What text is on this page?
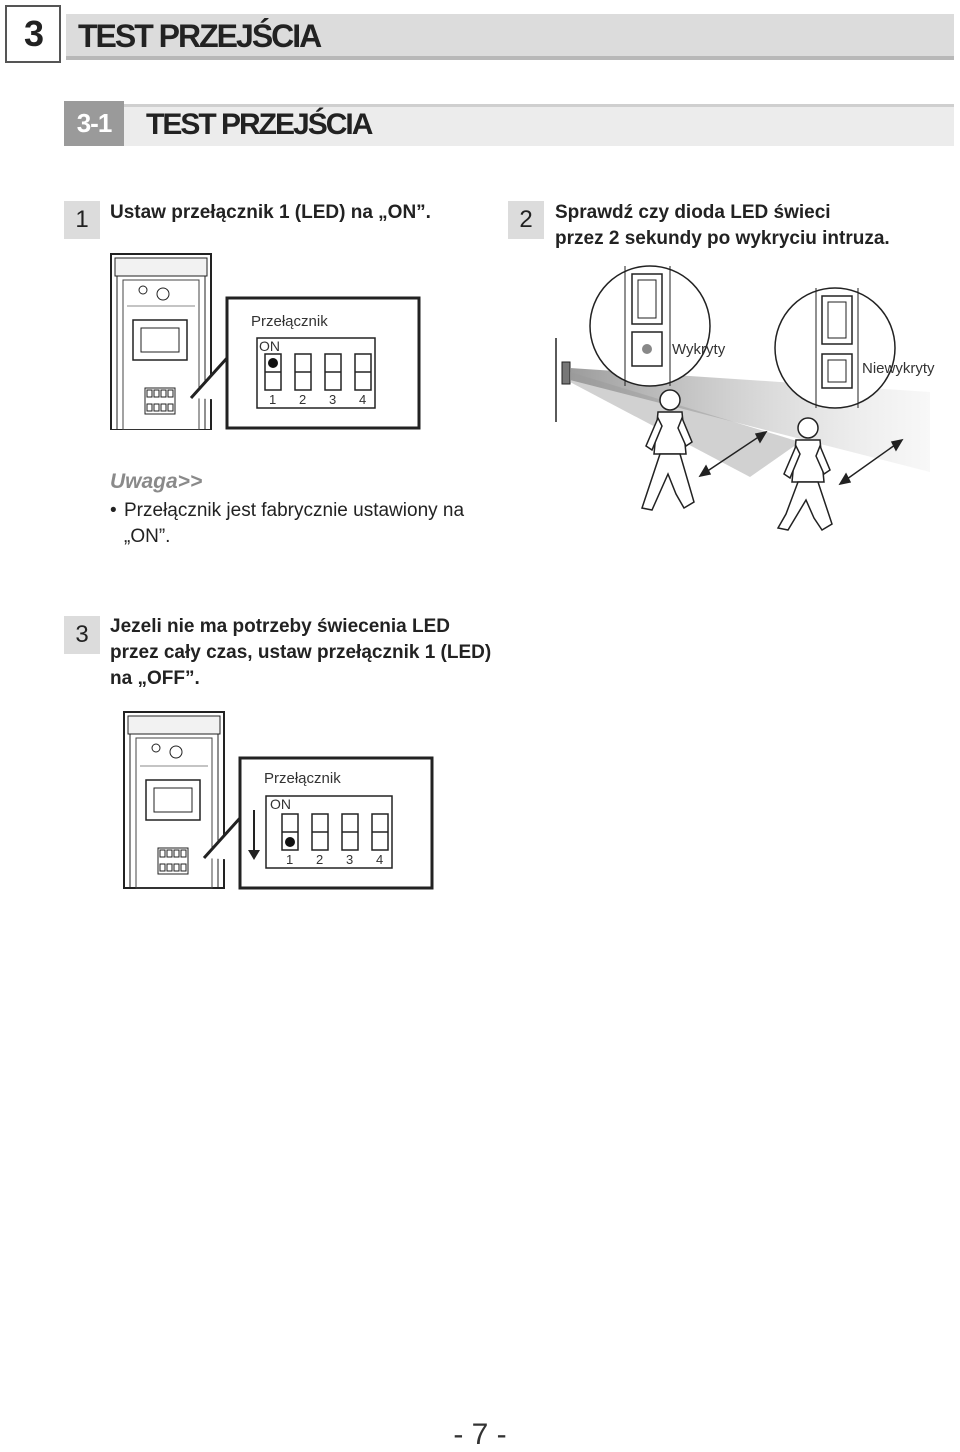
3	TEST PRZEJŚCIA
3-1	TEST PRZEJŚCIA
1	Ustaw przełącznik 1 (LED) na „ON”.	2	Sprawdź czy dioda LED świeci
przez 2 sekundy po wykryciu intruza.
Przełącznik
ON
1 2 3 4
Wykryty
Niewykryty
Uwaga>>
• Przełącznik jest fabrycznie ustawiony na „ON”.
3	Jezeli nie ma potrzeby świecenia LED
przez cały czas, ustaw przełącznik 1 (LED)
na „OFF”.
Przełącznik
ON
1 2 3 4
- 7 -
